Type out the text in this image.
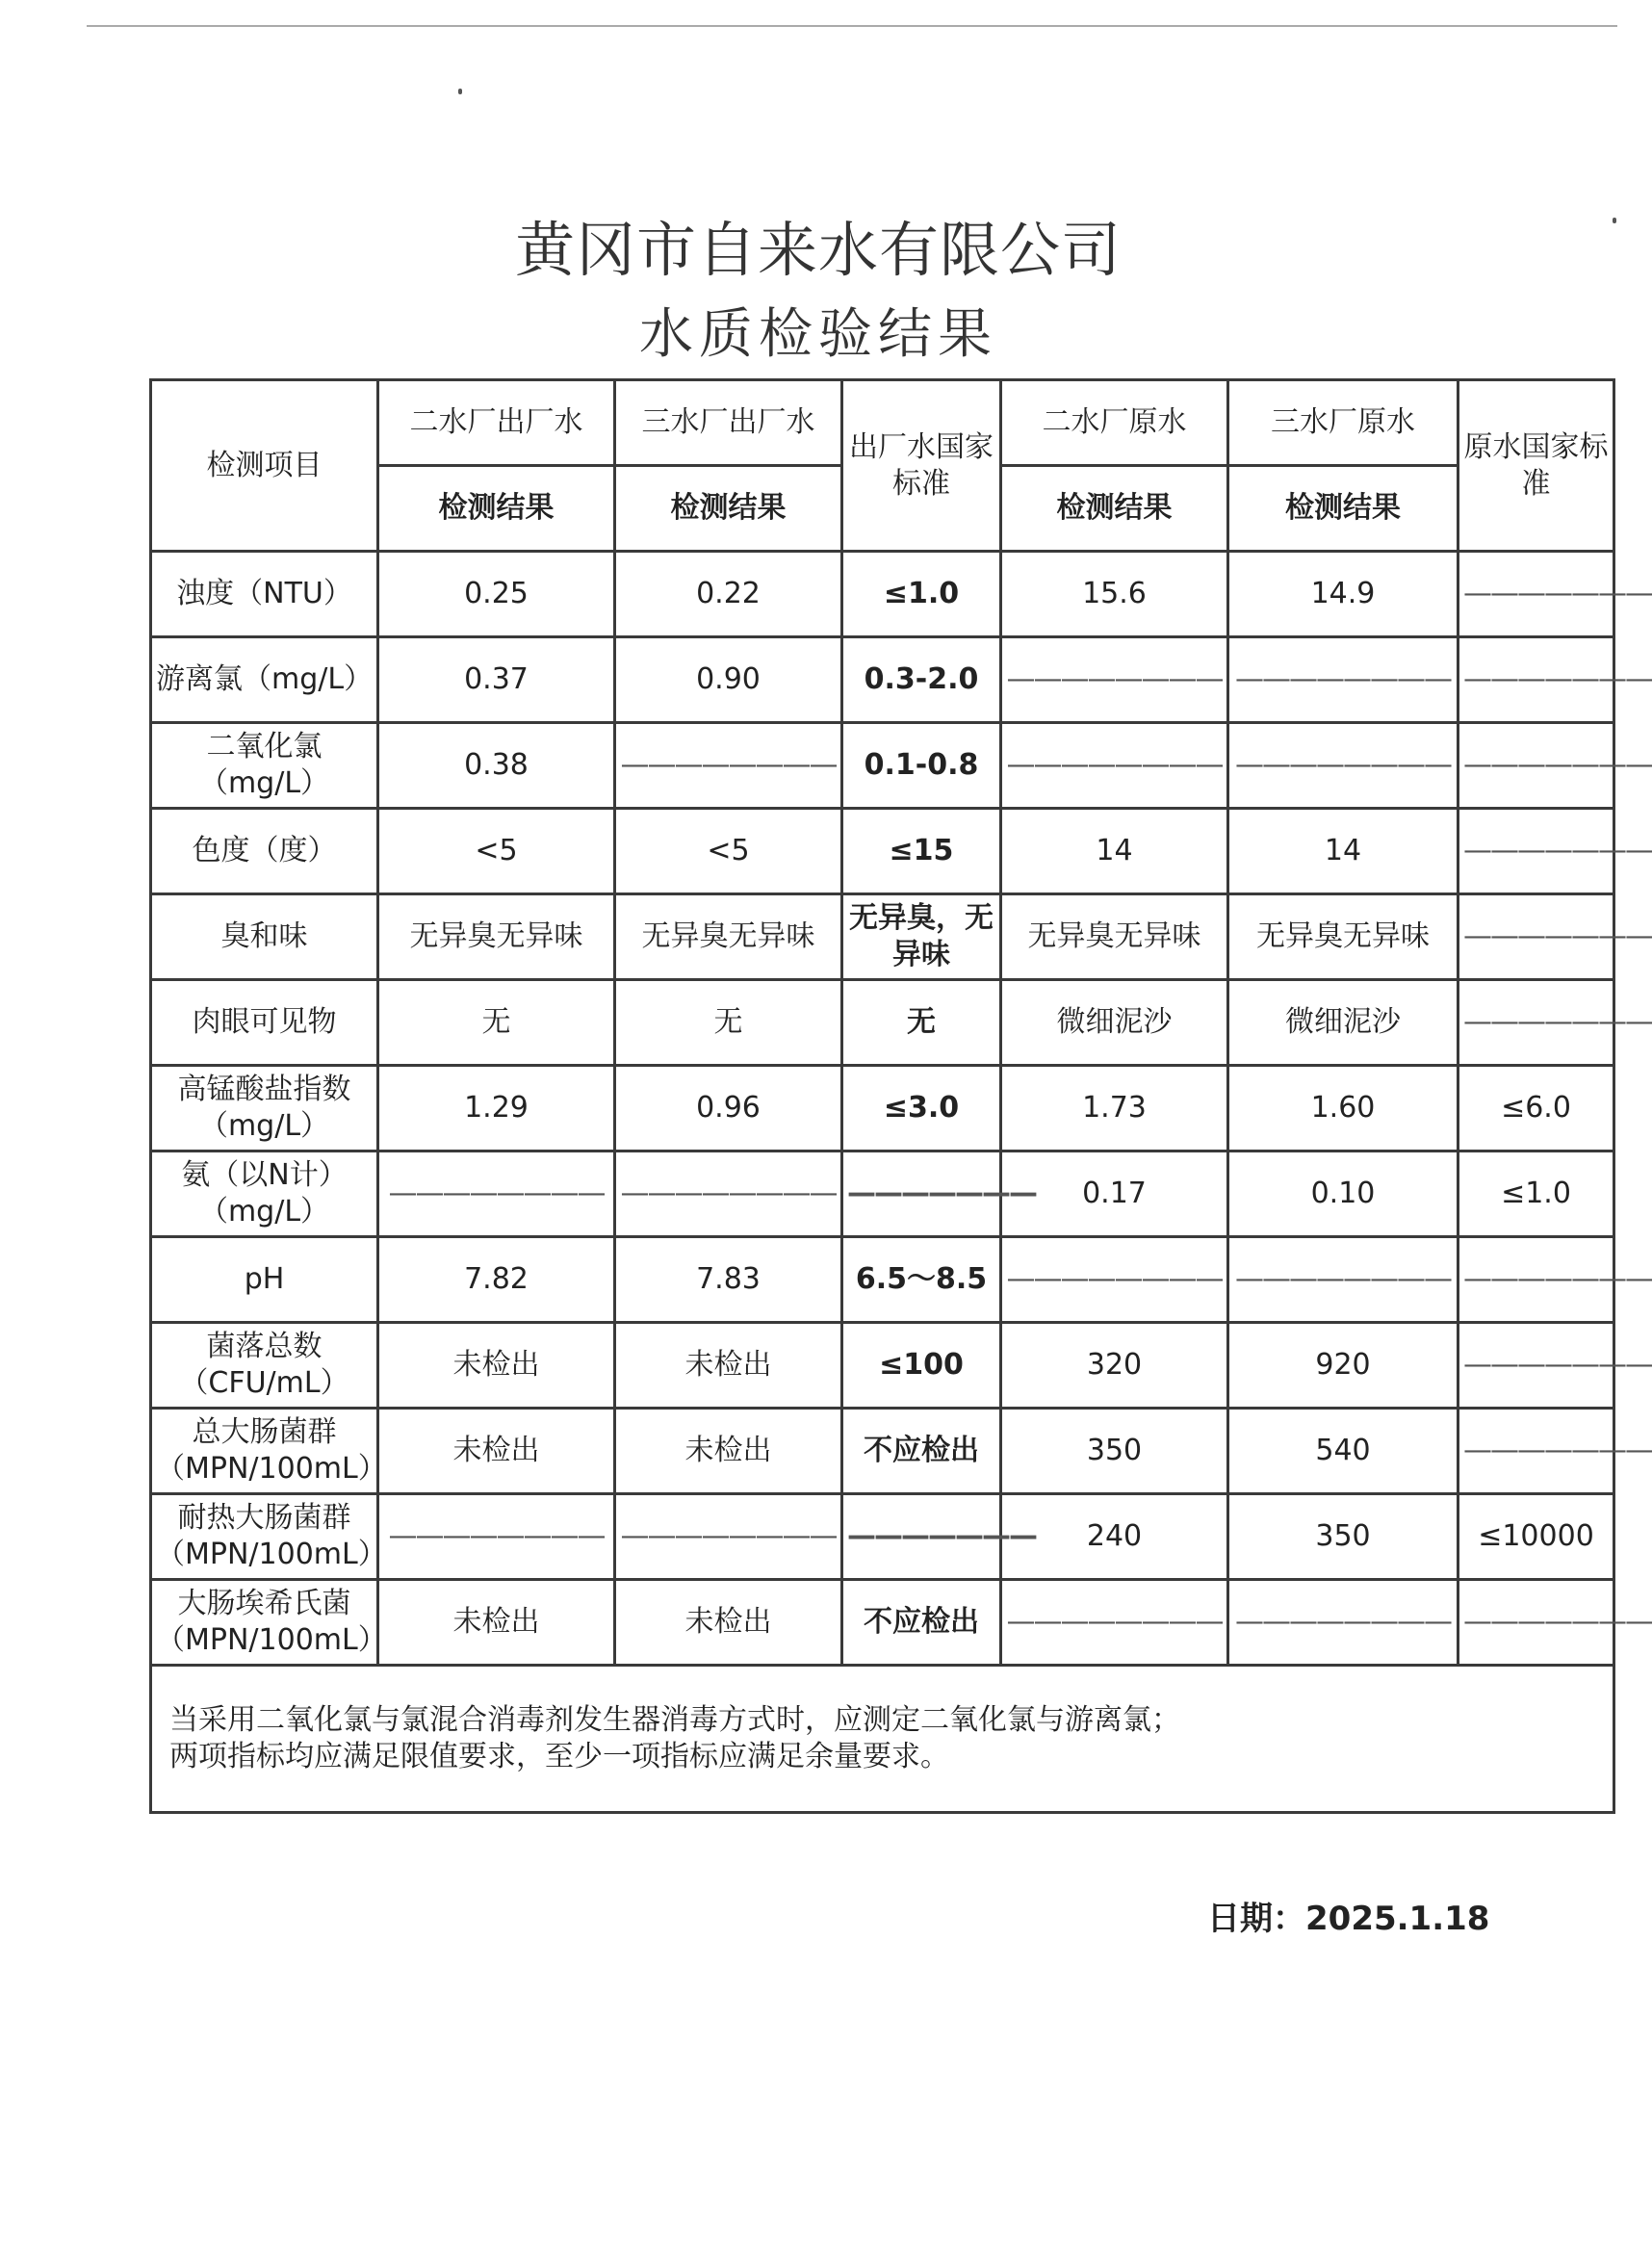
黄冈市自来水有限公司
水质检验结果
检测项目	二水厂出厂水	三水厂出厂水	出厂水国家标准	二水厂原水	三水厂原水	原水国家标准
	检测结果	检测结果		检测结果	检测结果	
浊度（NTU）	0.25	0.22	≤1.0	15.6	14.9	———————
游离氯（mg/L）	0.37	0.90	0.3-2.0	————————	————————	———————
二氧化氯（mg/L）	0.38	————————	0.1-0.8	————————	————————	———————
色度（度）	<5	<5	≤15	14	14	———————
臭和味	无异臭无异味	无异臭无异味	无异臭，无异味	无异臭无异味	无异臭无异味	———————
肉眼可见物	无	无	无	微细泥沙	微细泥沙	———————
高锰酸盐指数（mg/L）	1.29	0.96	≤3.0	1.73	1.60	≤6.0
氨（以N计）（mg/L）	————————	————————	———————	0.17	0.10	≤1.0
pH	7.82	7.83	6.5～8.5	————————	————————	———————
菌落总数（CFU/mL）	未检出	未检出	≤100	320	920	———————
总大肠菌群（MPN/100mL）	未检出	未检出	不应检出	350	540	———————
耐热大肠菌群（MPN/100mL）	————————	————————	———————	240	350	≤10000
大肠埃希氏菌（MPN/100mL）	未检出	未检出	不应检出	————————	————————	———————

当采用二氧化氯与氯混合消毒剂发生器消毒方式时，应测定二氧化氯与游离氯；
两项指标均应满足限值要求，至少一项指标应满足余量要求。						
日期：2025.1.18
